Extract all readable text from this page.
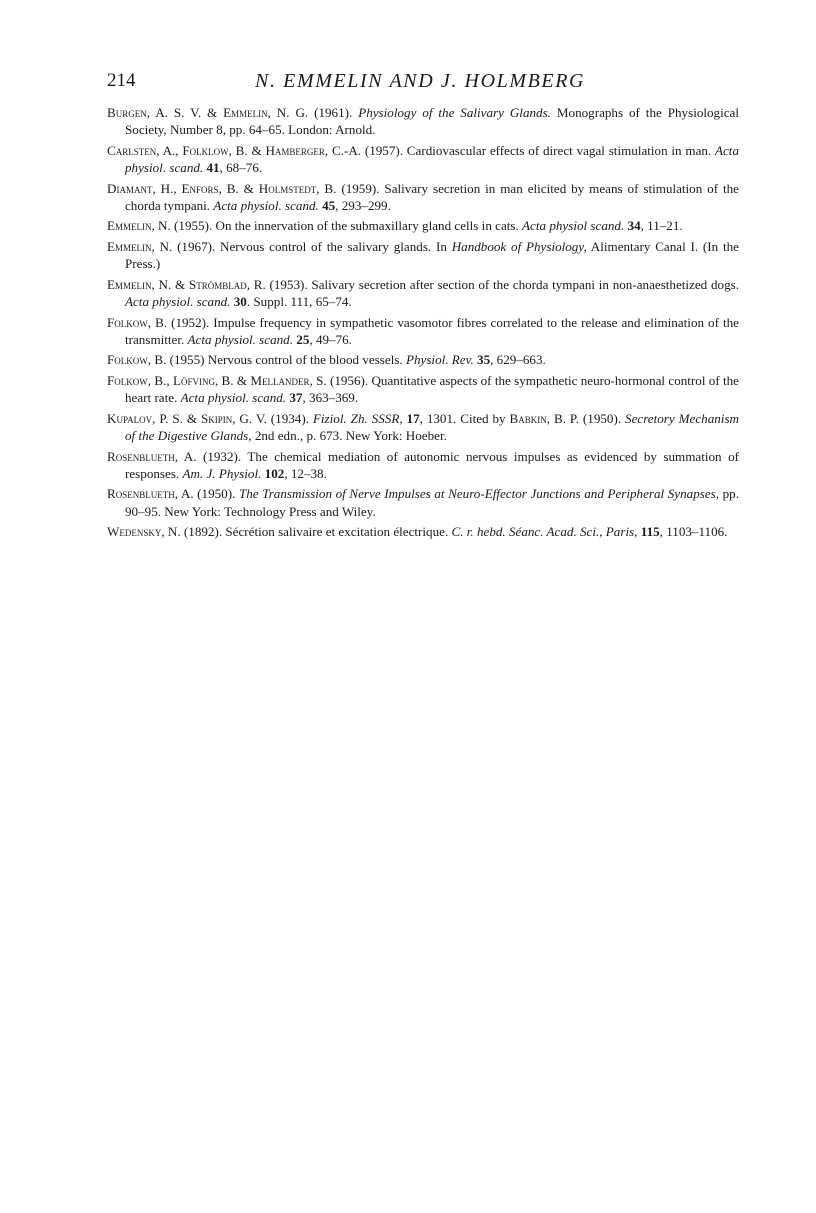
214	N. EMMELIN AND J. HOLMBERG
Burgen, A. S. V. & Emmelin, N. G. (1961). Physiology of the Salivary Glands. Monographs of the Physiological Society, Number 8, pp. 64–65. London: Arnold.
Carlsten, A., Folklow, B. & Hamberger, C.-A. (1957). Cardiovascular effects of direct vagal stimulation in man. Acta physiol. scand. 41, 68–76.
Diamant, H., Enfors, B. & Holmstedt, B. (1959). Salivary secretion in man elicited by means of stimulation of the chorda tympani. Acta physiol. scand. 45, 293–299.
Emmelin, N. (1955). On the innervation of the submaxillary gland cells in cats. Acta physiol scand. 34, 11–21.
Emmelin, N. (1967). Nervous control of the salivary glands. In Handbook of Physiology, Alimentary Canal I. (In the Press.)
Emmelin, N. & Strömblad, R. (1953). Salivary secretion after section of the chorda tympani in non-anaesthetized dogs. Acta physiol. scand. 30. Suppl. 111, 65–74.
Folkow, B. (1952). Impulse frequency in sympathetic vasomotor fibres correlated to the release and elimination of the transmitter. Acta physiol. scand. 25, 49–76.
Folkow, B. (1955) Nervous control of the blood vessels. Physiol. Rev. 35, 629–663.
Folkow, B., Löfving, B. & Mellander, S. (1956). Quantitative aspects of the sympathetic neuro-hormonal control of the heart rate. Acta physiol. scand. 37, 363–369.
Kupalov, P. S. & Skipin, G. V. (1934). Fiziol. Zh. SSSR, 17, 1301. Cited by Babkin, B. P. (1950). Secretory Mechanism of the Digestive Glands, 2nd edn., p. 673. New York: Hoeber.
Rosenblueth, A. (1932). The chemical mediation of autonomic nervous impulses as evidenced by summation of responses. Am. J. Physiol. 102, 12–38.
Rosenblueth, A. (1950). The Transmission of Nerve Impulses at Neuro-Effector Junctions and Peripheral Synapses, pp. 90–95. New York: Technology Press and Wiley.
Wedensky, N. (1892). Sécrétion salivaire et excitation électrique. C. r. hebd. Séanc. Acad. Sci., Paris, 115, 1103–1106.
